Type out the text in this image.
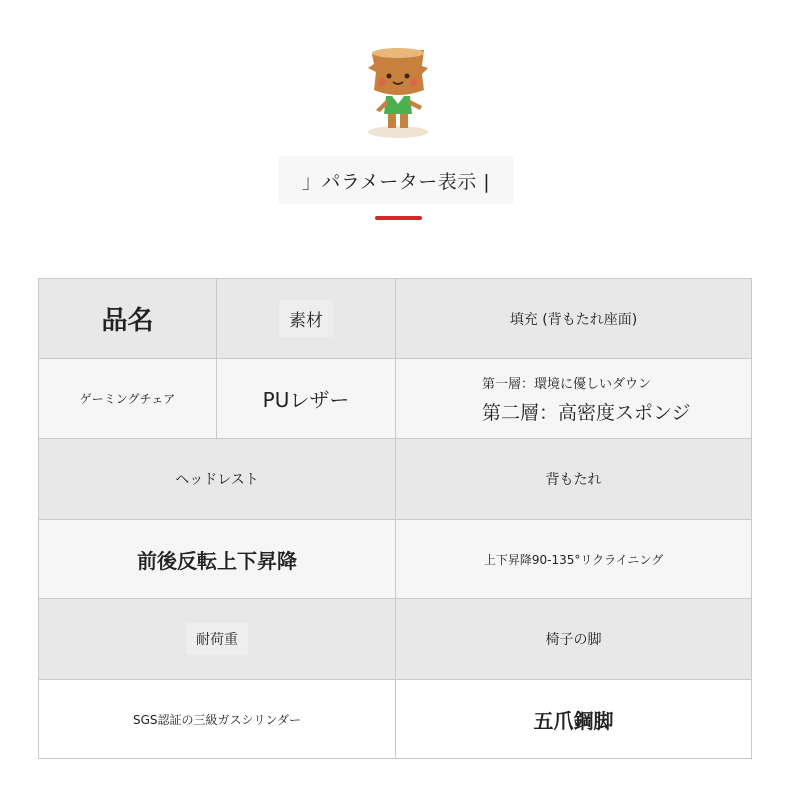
」パラメーター表示 |
品名	素材	填充 (背もたれ座面)
ゲーミングチェア	PUレザー
第一層：環境に優しいダウン
第二層：高密度スポンジ
ヘッドレスト	背もたれ
前後反転上下昇降	上下昇降90-135°リクライニング
耐荷重	椅子の脚
SGS認証の三級ガスシリンダー	五爪鋼脚
